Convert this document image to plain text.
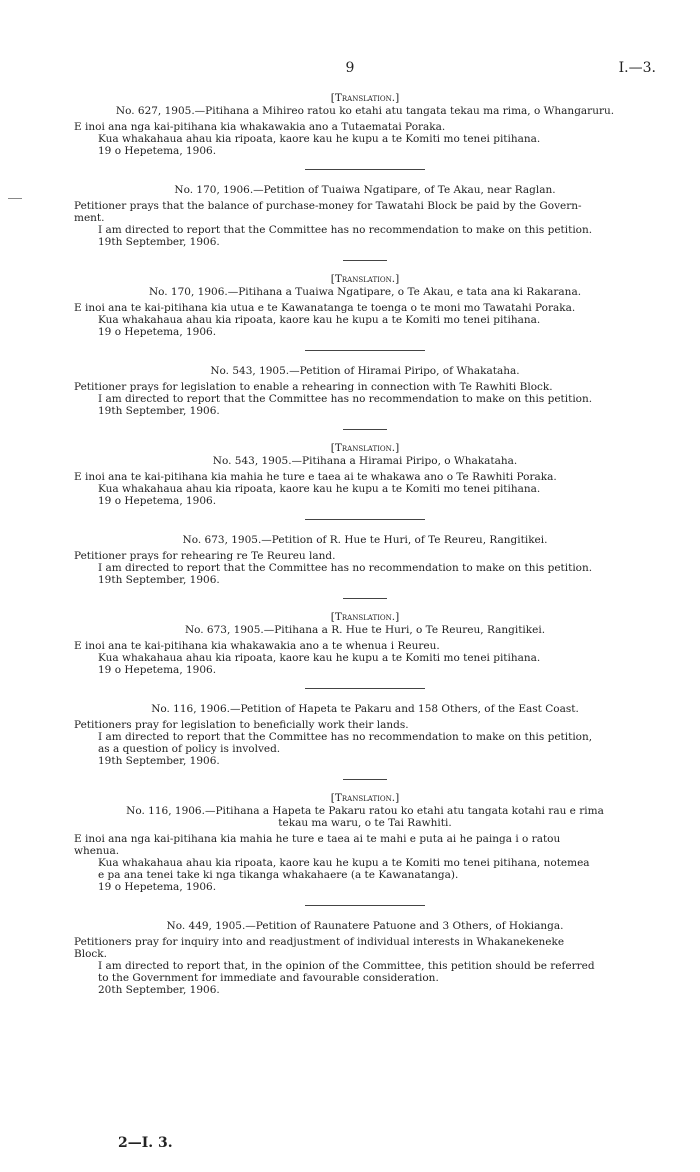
9	I.—3.
[Translation.]
No. 627, 1905.—Pitihana a Mihireo ratou ko etahi atu tangata tekau ma rima, o Whangaruru.
E inoi ana nga kai-pitihana kia whakawakia ano a Tutaematai Poraka.
Kua whakahaua ahau kia ripoata, kaore kau he kupu a te Komiti mo tenei pitihana.
19 o Hepetema, 1906.
No. 170, 1906.—Petition of Tuaiwa Ngatipare, of Te Akau, near Raglan.
Petitioner prays that the balance of purchase-money for Tawatahi Block be paid by the Govern-
ment.
I am directed to report that the Committee has no recommendation to make on this petition.
19th September, 1906.
[Translation.]
No. 170, 1906.—Pitihana a Tuaiwa Ngatipare, o Te Akau, e tata ana ki Rakarana.
E inoi ana te kai-pitihana kia utua e te Kawanatanga te toenga o te moni mo Tawatahi Poraka.
Kua whakahaua ahau kia ripoata, kaore kau he kupu a te Komiti mo tenei pitihana.
19 o Hepetema, 1906.
No. 543, 1905.—Petition of Hiramai Piripo, of Whakataha.
Petitioner prays for legislation to enable a rehearing in connection with Te Rawhiti Block.
I am directed to report that the Committee has no recommendation to make on this petition.
19th September, 1906.
[Translation.]
No. 543, 1905.—Pitihana a Hiramai Piripo, o Whakataha.
E inoi ana te kai-pitihana kia mahia he ture e taea ai te whakawa ano o Te Rawhiti Poraka.
Kua whakahaua ahau kia ripoata, kaore kau he kupu a te Komiti mo tenei pitihana.
19 o Hepetema, 1906.
No. 673, 1905.—Petition of R. Hue te Huri, of Te Reureu, Rangitikei.
Petitioner prays for rehearing re Te Reureu land.
I am directed to report that the Committee has no recommendation to make on this petition.
19th September, 1906.
[Translation.]
No. 673, 1905.—Pitihana a R. Hue te Huri, o Te Reureu, Rangitikei.
E inoi ana te kai-pitihana kia whakawakia ano a te whenua i Reureu.
Kua whakahaua ahau kia ripoata, kaore kau he kupu a te Komiti mo tenei pitihana.
19 o Hepetema, 1906.
No. 116, 1906.—Petition of Hapeta te Pakaru and 158 Others, of the East Coast.
Petitioners pray for legislation to beneficially work their lands.
I am directed to report that the Committee has no recommendation to make on this petition,
as a question of policy is involved.
19th September, 1906.
[Translation.]
No. 116, 1906.—Pitihana a Hapeta te Pakaru ratou ko etahi atu tangata kotahi rau e rima
tekau ma waru, o te Tai Rawhiti.
E inoi ana nga kai-pitihana kia mahia he ture e taea ai te mahi e puta ai he painga i o ratou
whenua.
Kua whakahaua ahau kia ripoata, kaore kau he kupu a te Komiti mo tenei pitihana, notemea
e pa ana tenei take ki nga tikanga whakahaere (a te Kawanatanga).
19 o Hepetema, 1906.
No. 449, 1905.—Petition of Raunatere Patuone and 3 Others, of Hokianga.
Petitioners pray for inquiry into and readjustment of individual interests in Whakanekeneke
Block.
I am directed to report that, in the opinion of the Committee, this petition should be referred
to the Government for immediate and favourable consideration.
20th September, 1906.
2—I. 3.
